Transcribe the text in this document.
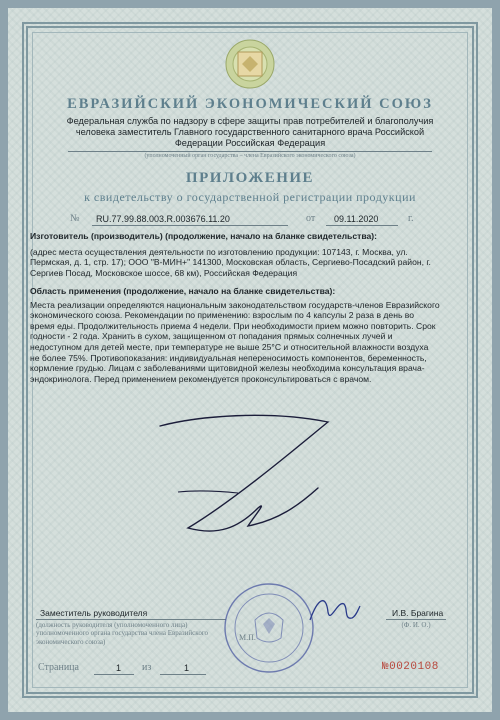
ЕВРАЗИЙСКИЙ ЭКОНОМИЧЕСКИЙ СОЮЗ
Федеральная служба по надзору в сфере защиты прав потребителей и благополучия человека заместитель Главного государственного санитарного врача Российской Федерации Российская Федерация
(уполномоченный орган государства – члена Евразийского экономического союза)
ПРИЛОЖЕНИЕ
к свидетельству о государственной регистрации продукции
№ RU.77.99.88.003.R.003676.11.20	от 09.11.2020	г.
Изготовитель (производитель) (продолжение, начало на бланке свидетельства):
(адрес места осуществления деятельности по изготовлению продукции: 107143, г. Москва, ул. Пермская, д. 1, стр. 17); ООО "В-МИН+" 141300, Московская область, Сергиево-Посадский район, г. Сергиев Посад, Московское шоссе, 68 км), Российская Федерация
Область применения (продолжение, начало на бланке свидетельства):
Места реализации определяются национальным законодательством государств-членов Евразийского экономического союза. Рекомендации по применению: взрослым по 4 капсулы 2 раза в день во время еды. Продолжительность приема 4 недели. При необходимости прием можно повторить. Срок годности - 2 года. Хранить в сухом, защищенном от попадания прямых солнечных лучей и недоступном для детей месте, при температуре не выше 25°С и относительной влажности воздуха не более 75%. Противопоказания: индивидуальная непереносимость компонентов, беременность, кормление грудью. Лицам с заболеваниями щитовидной железы необходима консультация врача-эндокринолога. Перед применением рекомендуется проконсультироваться с врачом.
Заместитель руководителя
(должность руководителя (уполномоченного лица) уполномоченного органа государства члена Евразийского экономического союза)	М.П.
И.В. Брагина
(Ф. И. О.)
Страница	1 из	1	№0020108
